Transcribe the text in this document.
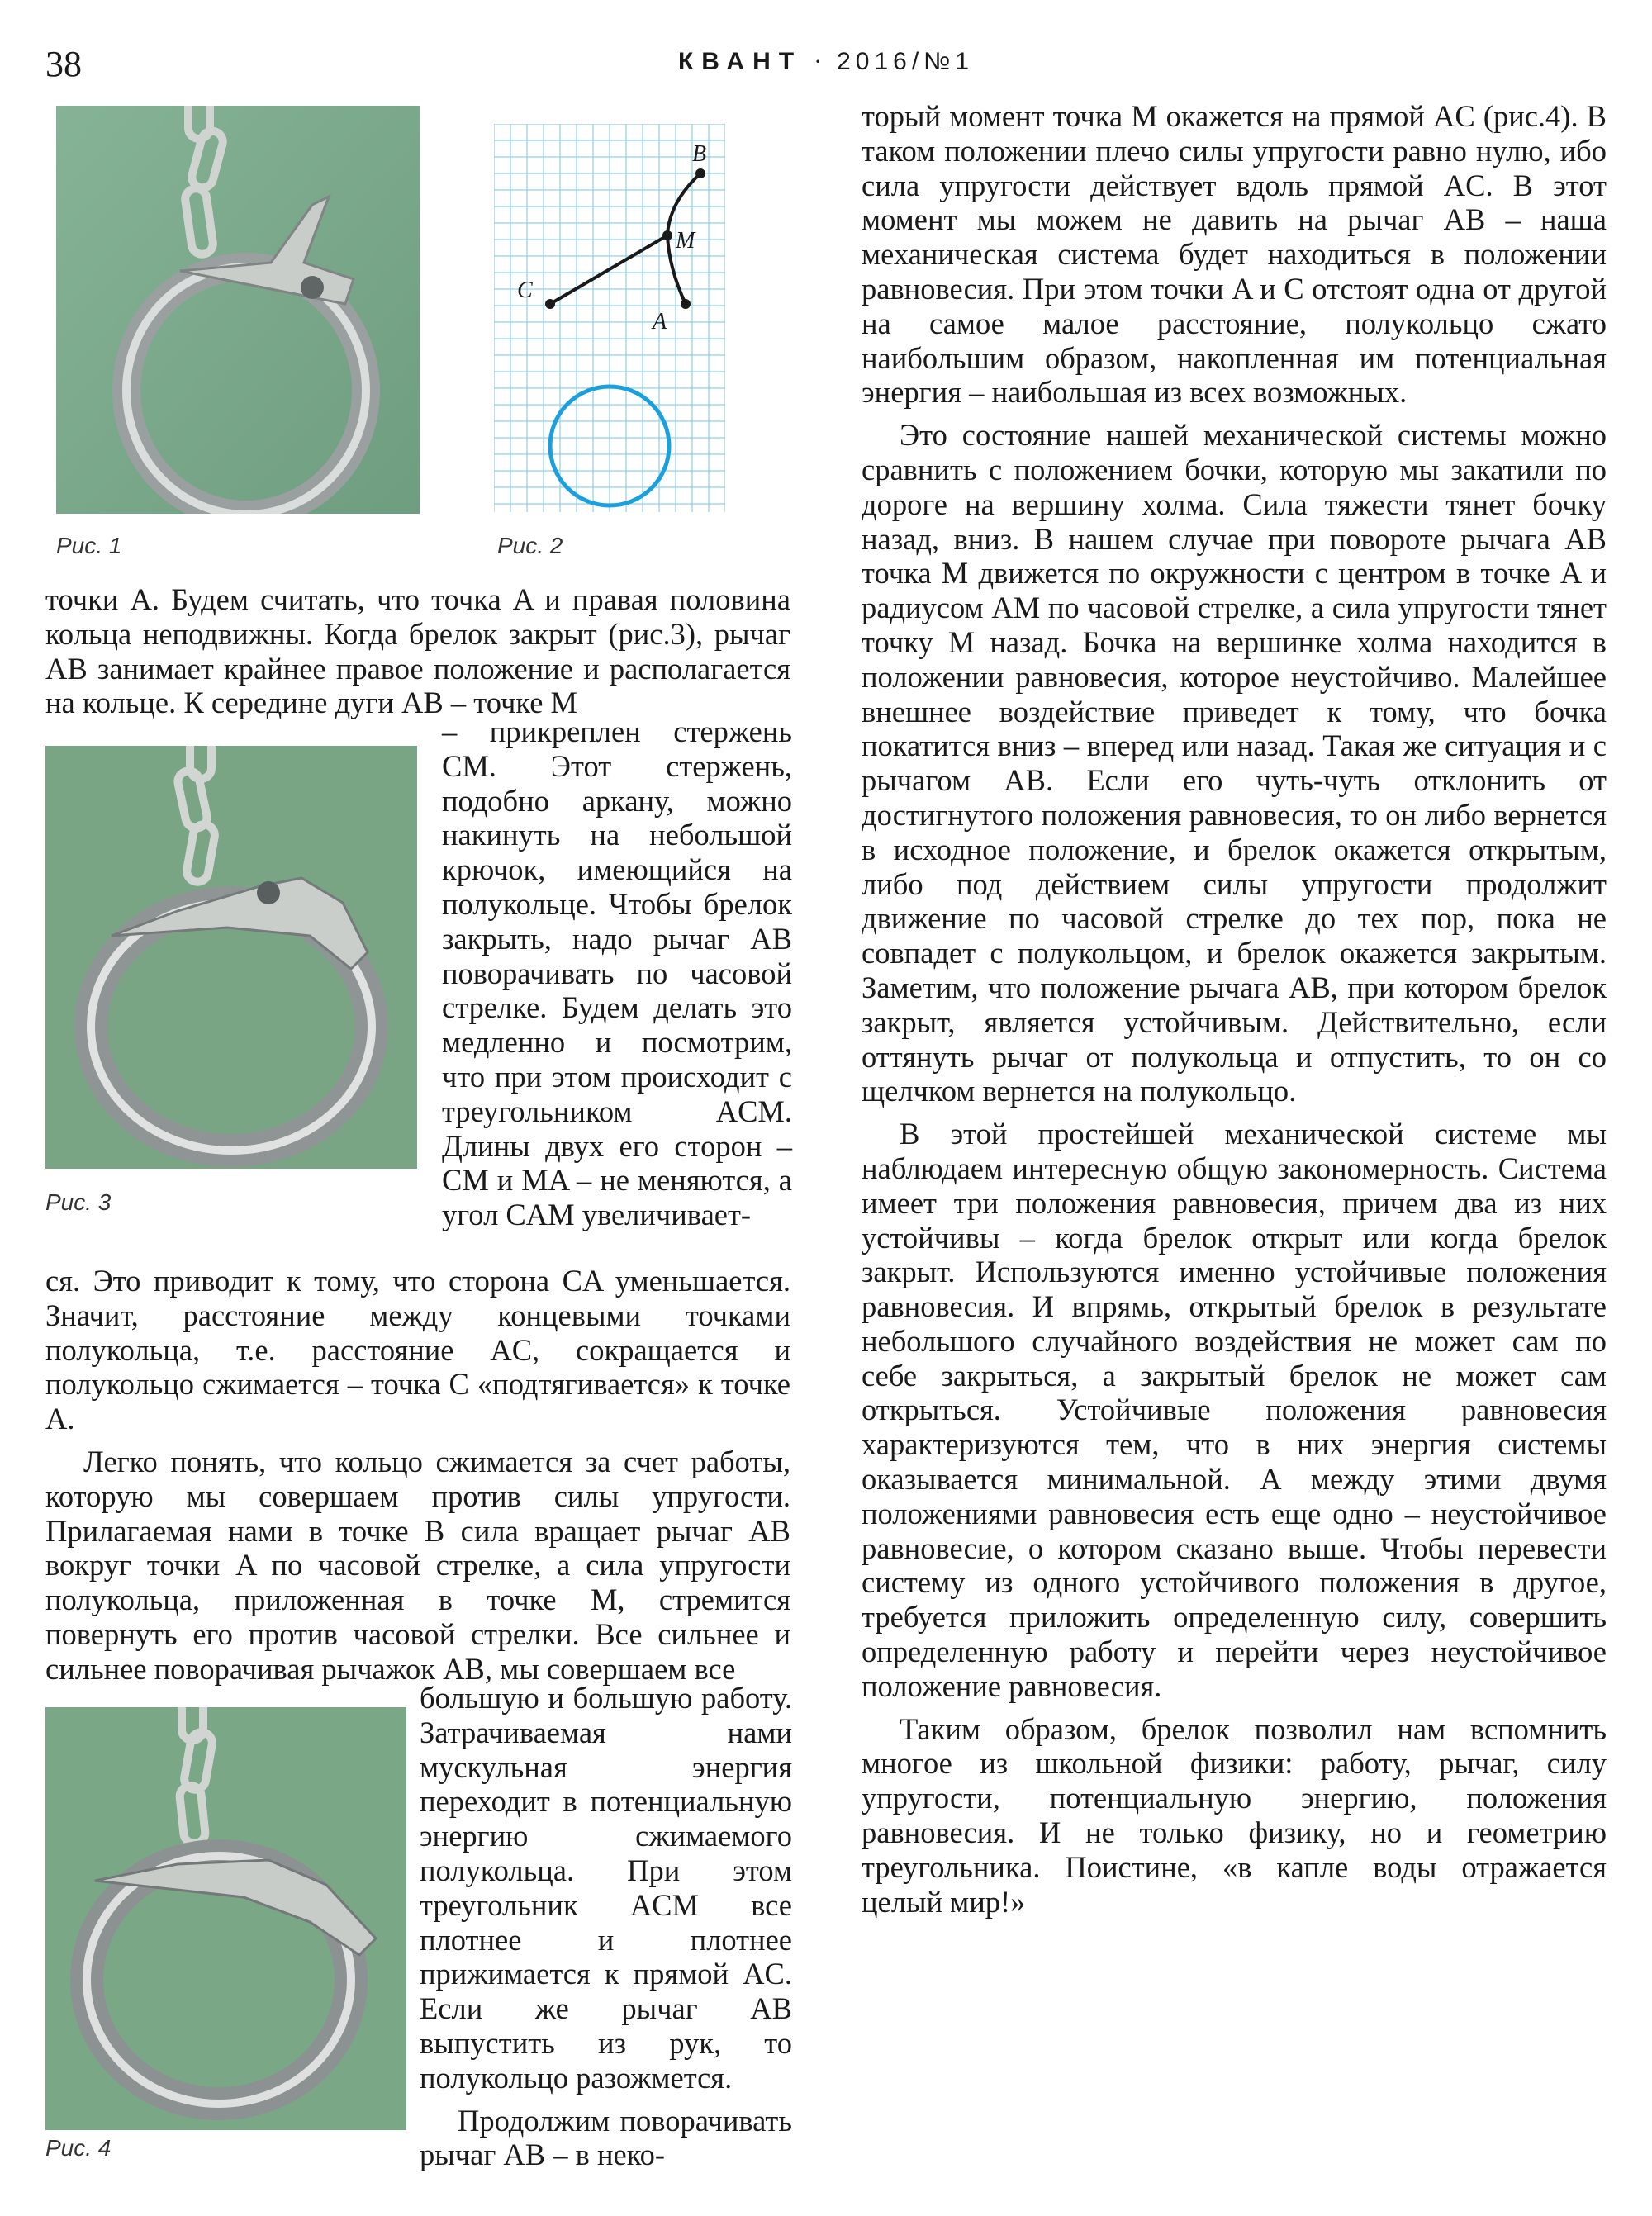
38	КВАНТ · 2016/№1
C
A
M
B
Рис. 1	Рис. 2
Рис. 3
Рис. 4

точки A. Будем считать, что точка A и правая половина кольца неподвижны. Когда брелок закрыт (рис.3), рычаг AB занимает крайнее правое положение и располагается на кольце. К середине дуги AB – точке M

– прикреплен стержень CM. Этот стержень, подобно аркану, можно накинуть на небольшой крючок, имеющийся на полукольце. Чтобы брелок закрыть, надо рычаг AB поворачивать по часовой стрелке. Будем делать это медленно и посмотрим, что при этом происходит с треугольником ACM. Длины двух его сторон – CM и MA – не меняются, а угол CAM увеличивает-

ся. Это приводит к тому, что сторона CA уменьшается. Значит, расстояние между концевыми точками полукольца, т.е. расстояние AC, сокращается и полукольцо сжимается – точка C «подтягивается» к точке A.

Легко понять, что кольцо сжимается за счет работы, которую мы совершаем против силы упругости. Прилагаемая нами в точке B сила вращает рычаг AB вокруг точки A по часовой стрелке, а сила упругости полукольца, приложенная в точке M, стремится повернуть его против часовой стрелки. Все сильнее и сильнее поворачивая рычажок AB, мы совершаем все

большую и большую работу. Затрачиваемая нами мускульная энергия переходит в потенциальную энергию сжимаемого полукольца. При этом треугольник ACM все плотнее и плотнее прижимается к прямой AC. Если же рычаг AB выпустить из рук, то полукольцо разожмется.

Продолжим поворачивать рычаг AB – в неко-

торый момент точка M окажется на прямой AC (рис.4). В таком положении плечо силы упругости равно нулю, ибо сила упругости действует вдоль прямой AC. В этот момент мы можем не давить на рычаг AB – наша механическая система будет находиться в положении равновесия. При этом точки A и C отстоят одна от другой на самое малое расстояние, полукольцо сжато наибольшим образом, накопленная им потенциальная энергия – наибольшая из всех возможных.

Это состояние нашей механической системы можно сравнить с положением бочки, которую мы закатили по дороге на вершину холма. Сила тяжести тянет бочку назад, вниз. В нашем случае при повороте рычага AB точка M движется по окружности с центром в точке A и радиусом AM по часовой стрелке, а сила упругости тянет точку M назад. Бочка на вершинке холма находится в положении равновесия, которое неустойчиво. Малейшее внешнее воздействие приведет к тому, что бочка покатится вниз – вперед или назад. Такая же ситуация и с рычагом AB. Если его чуть-чуть отклонить от достигнутого положения равновесия, то он либо вернется в исходное положение, и брелок окажется открытым, либо под действием силы упругости продолжит движение по часовой стрелке до тех пор, пока не совпадет с полукольцом, и брелок окажется закрытым. Заметим, что положение рычага AB, при котором брелок закрыт, является устойчивым. Действительно, если оттянуть рычаг от полукольца и отпустить, то он со щелчком вернется на полукольцо.

В этой простейшей механической системе мы наблюдаем интересную общую закономерность. Система имеет три положения равновесия, причем два из них устойчивы – когда брелок открыт или когда брелок закрыт. Используются именно устойчивые положения равновесия. И впрямь, открытый брелок в результате небольшого случайного воздействия не может сам по себе закрыться, а закрытый брелок не может сам открыться. Устойчивые положения равновесия характеризуются тем, что в них энергия системы оказывается минимальной. А между этими двумя положениями равновесия есть еще одно – неустойчивое равновесие, о котором сказано выше. Чтобы перевести систему из одного устойчивого положения в другое, требуется приложить определенную силу, совершить определенную работу и перейти через неустойчивое положение равновесия.

Таким образом, брелок позволил нам вспомнить многое из школьной физики: работу, рычаг, силу упругости, потенциальную энергию, положения равновесия. И не только физику, но и геометрию треугольника. Поистине, «в капле воды отражается целый мир!»
